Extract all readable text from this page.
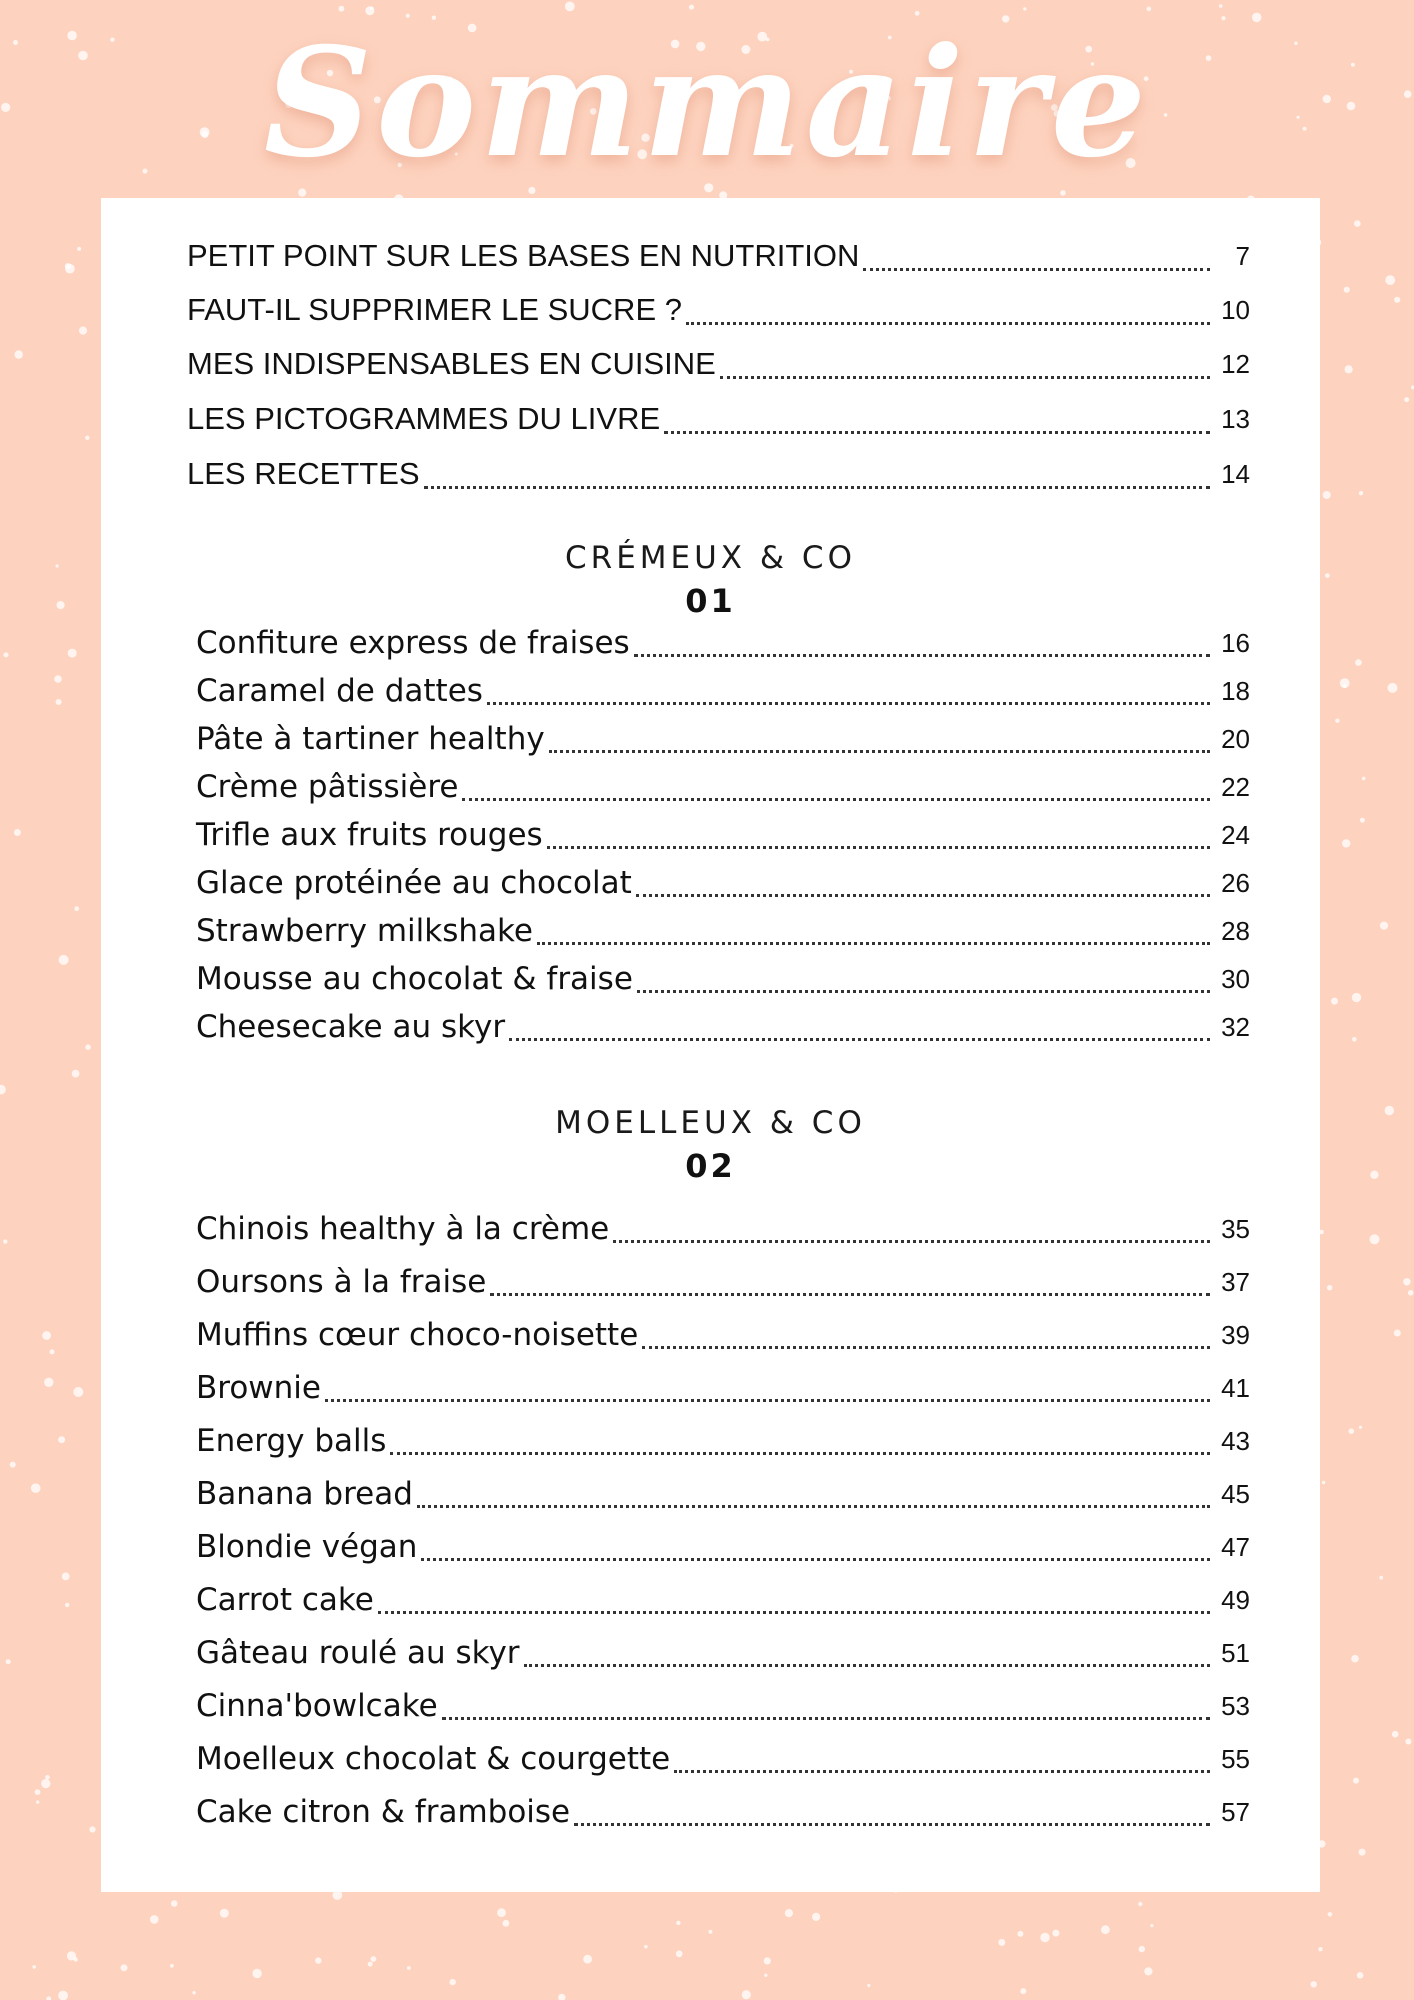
Sommaire
PETIT POINT SUR LES BASES EN NUTRITION	7
FAUT-IL SUPPRIMER LE SUCRE ?	10
MES INDISPENSABLES EN CUISINE	12
LES PICTOGRAMMES DU LIVRE	13
LES RECETTES	14
CRÉMEUX & CO
01
Confiture express de fraises	16
Caramel de dattes	18
Pâte à tartiner healthy	20
Crème pâtissière	22
Trifle aux fruits rouges	24
Glace protéinée au chocolat	26
Strawberry milkshake	28
Mousse au chocolat & fraise	30
Cheesecake au skyr	32
MOELLEUX & CO
02
Chinois healthy à la crème	35
Oursons à la fraise	37
Muffins cœur choco-noisette	39
Brownie	41
Energy balls	43
Banana bread	45
Blondie végan	47
Carrot cake	49
Gâteau roulé au skyr	51
Cinna'bowlcake	53
Moelleux chocolat & courgette	55
Cake citron & framboise	57
